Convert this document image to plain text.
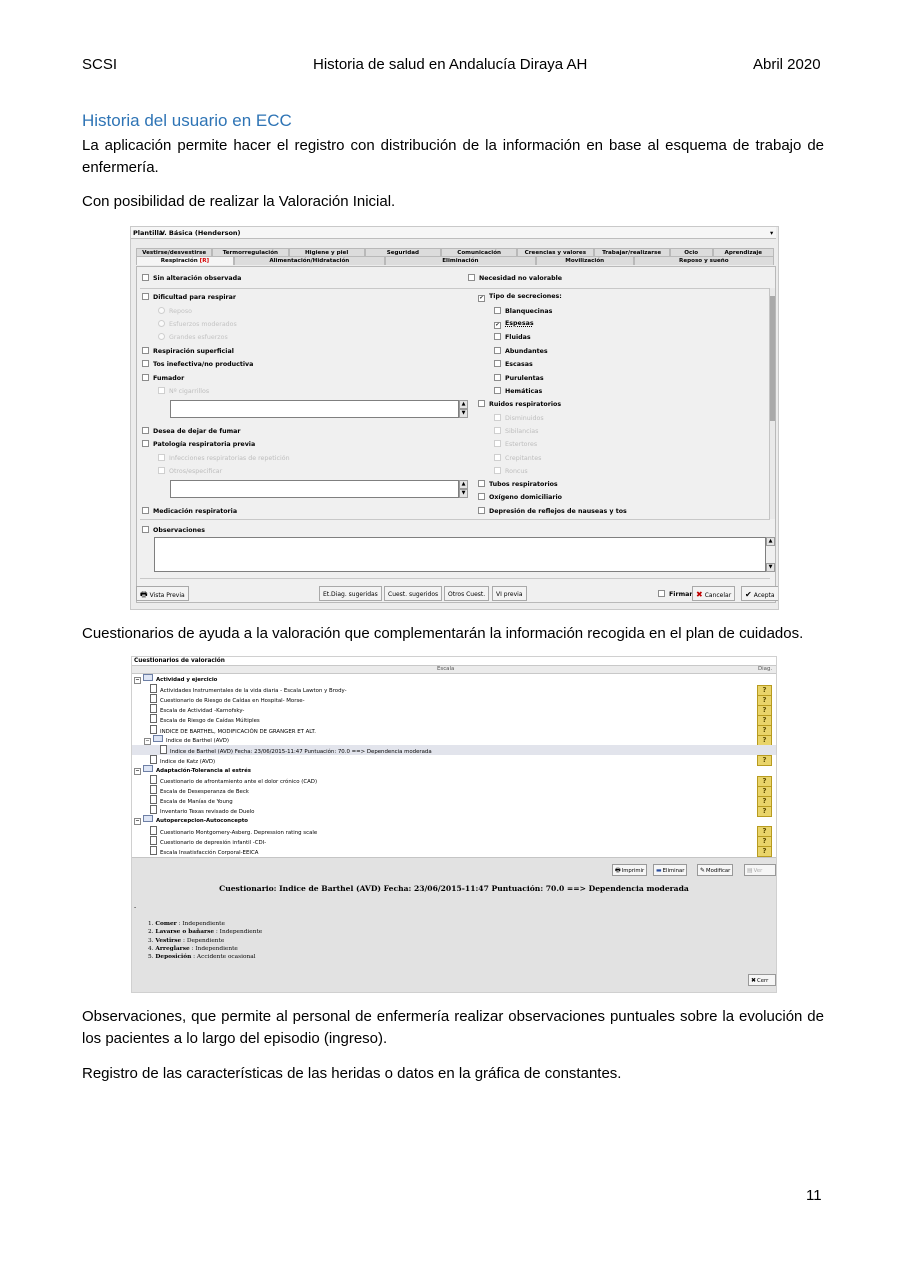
SCSI	Historia de salud en Andalucía Diraya AH	Abril 2020
Historia del usuario en ECC
La aplicación permite hacer el registro con distribución de la información en base al esquema de trabajo de enfermería.
Con posibilidad de realizar la Valoración Inicial.
Plantilla
V. Básica (Henderson)	▾
Vestirse/desvestirse	Termorregulación	Higiene y piel	Seguridad	Comunicación	Creencias y valores	Trabajar/realizarse	Ocio	Aprendizaje
Respiración [R]	Alimentación/Hidratación	Eliminación	Movilización	Reposo y sueño
Sin alteración observada	Necesidad no valorable
Dificultad para respirar
Reposo
Esfuerzos moderados
Grandes esfuerzos
Respiración superficial
Tos inefectiva/no productiva
Fumador
Nº cigarrillos
▲
▼
Desea de dejar de fumar
Patología respiratoria previa
Infecciones respiratorias de repetición
Otros/especificar
▲
▼
Medicación respiratoria
✔ Tipo de secreciones:
Blanquecinas
✔ Espesas
Fluidas
Abundantes
Escasas
Purulentas
Hemáticas
Ruidos respiratorios
Disminuidos
Sibilancias
Estertores
Crepitantes
Roncus
Tubos respiratorios
Oxígeno domiciliario
Depresión de reflejos de nauseas y tos
Observaciones
▲
▼
🖶 Vista Previa	Et.Diag. sugeridas	Cuest. sugeridos	Otros Cuest.	VI previa	Firmar ✖ Cancelar	✔ Acepta
Cuestionarios de ayuda a la valoración que complementarán la información recogida en el plan de cuidados.
Cuestionarios de valoración
Escala	Diag.
−	Actividad y ejercicio
Actividades Instrumentales de la vida diaria - Escala Lawton y Brody-	?
Cuestionario de Riesgo de Caídas en Hospital- Morse-	?
Escala de Actividad -Karnofsky-	?
Escala de Riesgo de Caídas Múltiples	?
INDICE DE BARTHEL, MODIFICACIÓN DE GRANGER ET ALT.	?
−	Indice de Barthel (AVD)	?
Indice de Barthel (AVD) Fecha: 23/06/2015-11:47 Puntuación: 70.0 ==> Dependencia moderada
Indice de Katz (AVD)	?
−	Adaptación-Tolerancia al estrés
Cuestionario de afrontamiento ante el dolor crónico (CAD)	?
Escala de Desesperanza de Beck	?
Escala de Manías de Young	?
Inventario Texas revisado de Duelo	?
−	Autopercepcion-Autoconcepto
Cuestionario Montgomery-Asberg. Depression rating scale	?
Cuestionario de depresión infantil -CDI-	?
Escala Insatisfacción Corporal-EEICA	?
🖶Imprimir	▬Eliminar	✎Modificar	▤Ver
Cuestionario: Indice de Barthel (AVD) Fecha: 23/06/2015-11:47 Puntuación: 70.0 ==> Dependencia moderada
-
1. Comer : Independiente
2. Lavarse o bañarse : Independiente
3. Vestirse : Dependiente
4. Arreglarse : Independiente
5. Deposición : Accidente ocasional
✖Cerr
Observaciones, que permite al personal de enfermería realizar observaciones puntuales sobre la evolución de los pacientes a lo largo del episodio (ingreso).
Registro de las características de las heridas o datos en la gráfica de constantes.
11
